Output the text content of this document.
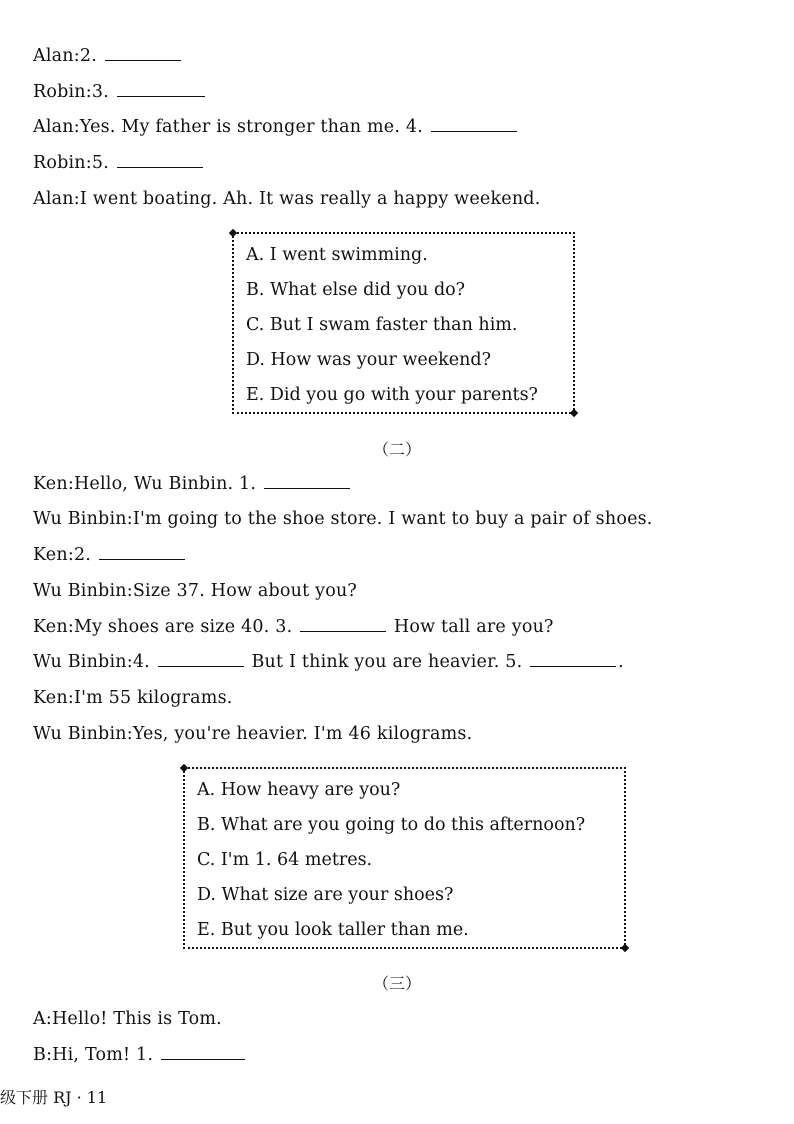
Alan:2.
Robin:3.
Alan:Yes. My father is stronger than me. 4.
Robin:5.
Alan:I went boating. Ah. It was really a happy weekend.
A. I went swimming.
B. What else did you do?
C. But I swam faster than him.
D. How was your weekend?
E. Did you go with your parents?
（二）
Ken:Hello, Wu Binbin. 1.
Wu Binbin:I'm going to the shoe store. I want to buy a pair of shoes.
Ken:2.
Wu Binbin:Size 37. How about you?
Ken:My shoes are size 40. 3.	How tall are you?
Wu Binbin:4.	But I think you are heavier. 5.	.
Ken:I'm 55 kilograms.
Wu Binbin:Yes, you're heavier. I'm 46 kilograms.
A. How heavy are you?
B. What are you going to do this afternoon?
C. I'm 1. 64 metres.
D. What size are your shoes?
E. But you look taller than me.
（三）
A:Hello! This is Tom.
B:Hi, Tom! 1.
级下册 RJ · 11
